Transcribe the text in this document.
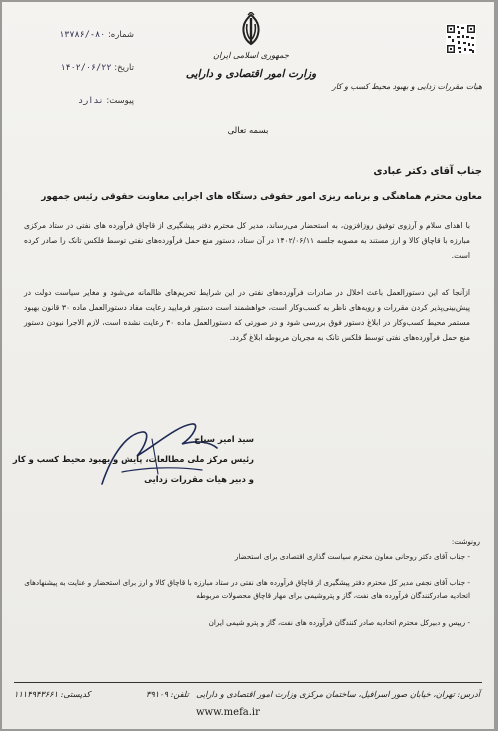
هیات مقررات زدایی و بهبود محیط کسب و کار
جمهوری اسلامی ایران
وزارت امور اقتصادی و دارایی
شماره: ۸۰-/۱۳۷۸۶
تاریخ: ۱۴۰۲/۰۶/۲۲
پیوست: ندارد
بسمه تعالی
جناب آقای دکتر عبادی
معاون محترم هماهنگی و برنامه ریزی امور حقوقی دستگاه های اجرایی معاونت حقوقی رئیس جمهور
با اهدای سلام و آرزوی توفیق روزافزون، به استحضار می‌رساند، مدیر کل محترم دفتر پیشگیری از قاچاق فرآورده های نفتی در ستاد مرکزی مبارزه با قاچاق کالا و ارز مستند به مصوبه جلسه ۱۴۰۲/۰۶/۱۱ در آن ستاد، دستور منع حمل فرآورده‌های نفتی توسط فلکس تانک را صادر کرده است.
ازآنجا که این دستورالعمل باعث اخلال در صادرات فرآورده‌های نفتی در این شرایط تحریم‌های ظالمانه می‌شود و مغایر سیاست دولت در پیش‌بینی‌پذیر کردن مقررات و رویه‌های ناظر به کسب‌وکار است، خواهشمند است دستور فرمایید رعایت مفاد دستورالعمل ماده ۳۰ قانون بهبود مستمر محیط کسب‌وکار در ابلاغ دستور فوق بررسی شود و در صورتی که دستورالعمل ماده ۳۰ رعایت نشده است، لازم الاجرا نبودن دستور منع حمل فرآورده‌های نفتی توسط فلکس تانک به مجریان مربوطه ابلاغ گردد.
سید امیر سیاح
رئیس مرکز ملی مطالعات، پایش و بهبود محیط کسب و کار
و دبیر هیات مقررات زدایی
رونوشت:
- جناب آقای دکتر روحانی معاون محترم سیاست گذاری اقتصادی برای استحضار
- جناب آقای نجفی مدیر کل محترم دفتر پیشگیری از قاچاق فرآورده های نفتی در ستاد مبارزه با قاچاق کالا و ارز برای استحضار و عنایت به پیشنهادهای اتحادیه صادرکنندگان فرآورده های نفت، گاز و پتروشیمی برای مهار قاچاق محصولات مربوطه
- رییس و دبیرکل محترم اتحادیه صادر کنندگان فرآورده های نفت، گاز و پترو شیمی ایران
آدرس: تهران، خیابان صور اسرافیل، ساختمان مرکزی وزارت امور اقتصادی و دارایی
تلفن: ۳۹۱۰۹
کدپستی: ۱۱۱۴۹۴۳۶۶۱
www.mefa.ir
